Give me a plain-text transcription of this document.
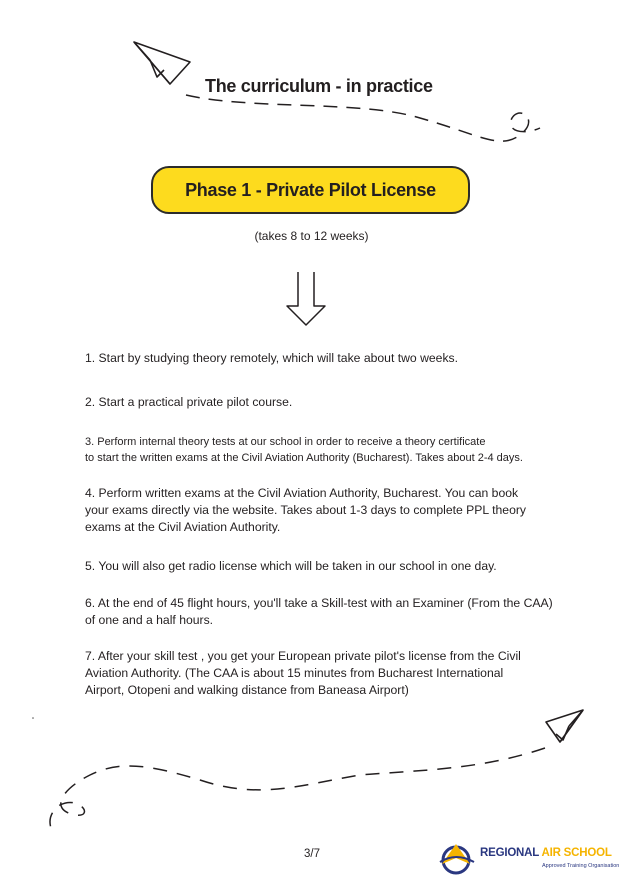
The curriculum - in practice
Phase 1 - Private Pilot License
(takes 8 to 12 weeks)
1. Start by studying theory remotely, which will take about two weeks.
2. Start a practical private pilot course.
3. Perform internal theory tests at our school in order to receive a theory certificate
to start the written exams at the Civil Aviation Authority (Bucharest). Takes about 2-4 days.
4. Perform written exams at the Civil Aviation Authority, Bucharest. You can book
your exams directly via the website. Takes about 1-3 days to complete PPL theory
exams at the Civil Aviation Authority.
5. You will also get radio license which will be taken in our school in one day.
6. At the end of 45 flight hours, you'll take a Skill-test with an Examiner (From the CAA)
of one and a half hours.
7. After your skill test , you get your European private pilot's license from the Civil
Aviation Authority. (The CAA is about 15 minutes from Bucharest International
Airport, Otopeni and walking distance from Baneasa Airport)
3/7	REGIONAL AIR SCHOOL
Approved Training Organisation
